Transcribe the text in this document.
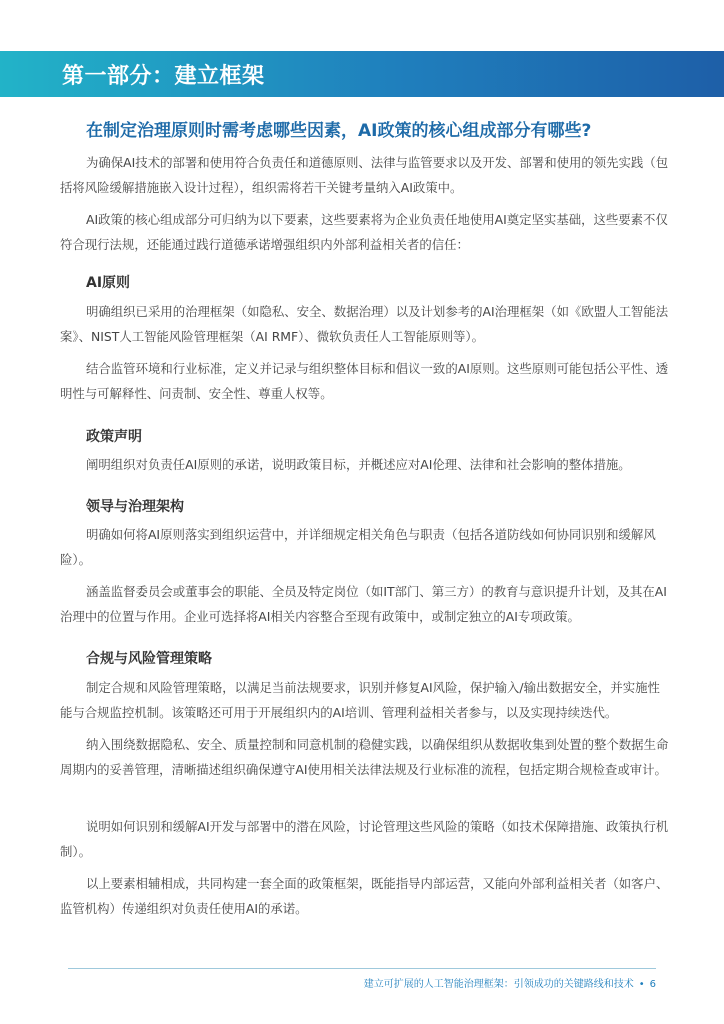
第一部分：建立框架
在制定治理原则时需考虑哪些因素，AI政策的核心组成部分有哪些?

为确保AI技术的部署和使用符合负责任和道德原则、法律与监管要求以及开发、部署和使用的领先实践（包括将风险缓解措施嵌入设计过程），组织需将若干关键考量纳入AI政策中。

AI政策的核心组成部分可归纳为以下要素，这些要素将为企业负责任地使用AI奠定坚实基础，这些要素不仅符合现行法规，还能通过践行道德承诺增强组织内外部利益相关者的信任：

AI原则

明确组织已采用的治理框架（如隐私、安全、数据治理）以及计划参考的AI治理框架（如《欧盟人工智能法案》、NIST人工智能风险管理框架（AI RMF）、微软负责任人工智能原则等）。

结合监管环境和行业标准，定义并记录与组织整体目标和倡议一致的AI原则。这些原则可能包括公平性、透明性与可解释性、问责制、安全性、尊重人权等。

政策声明

阐明组织对负责任AI原则的承诺，说明政策目标，并概述应对AI伦理、法律和社会影响的整体措施。

领导与治理架构

明确如何将AI原则落实到组织运营中，并详细规定相关角色与职责（包括各道防线如何协同识别和缓解风险）。

涵盖监督委员会或董事会的职能、全员及特定岗位（如IT部门、第三方）的教育与意识提升计划，及其在AI治理中的位置与作用。企业可选择将AI相关内容整合至现有政策中，或制定独立的AI专项政策。

合规与风险管理策略

制定合规和风险管理策略，以满足当前法规要求，识别并修复AI风险，保护输入/输出数据安全，并实施性能与合规监控机制。该策略还可用于开展组织内的AI培训、管理利益相关者参与，以及实现持续迭代。

纳入围绕数据隐私、安全、质量控制和同意机制的稳健实践，以确保组织从数据收集到处置的整个数据生命周期内的妥善管理，清晰描述组织确保遵守AI使用相关法律法规及行业标准的流程，包括定期合规检查或审计。

说明如何识别和缓解AI开发与部署中的潜在风险，讨论管理这些风险的策略（如技术保障措施、政策执行机制）。

以上要素相辅相成，共同构建一套全面的政策框架，既能指导内部运营，又能向外部利益相关者（如客户、监管机构）传递组织对负责任使用AI的承诺。

建立可扩展的人工智能治理框架：引领成功的关键路线和技术 • 6
